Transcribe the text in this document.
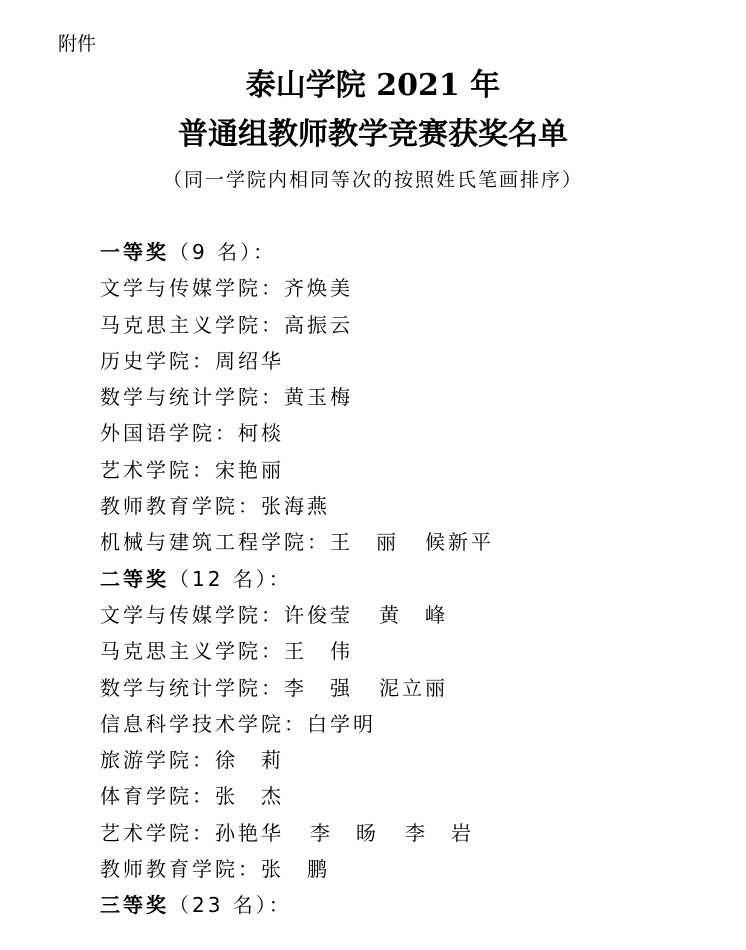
附件
泰山学院 2021 年
普通组教师教学竞赛获奖名单
（同一学院内相同等次的按照姓氏笔画排序）
一等奖（9 名）：
文学与传媒学院：齐焕美
马克思主义学院：高振云
历史学院：周绍华
数学与统计学院：黄玉梅
外国语学院：柯棪
艺术学院：宋艳丽
教师教育学院：张海燕
机械与建筑工程学院：王　丽 候新平
二等奖（12 名）：
文学与传媒学院：许俊莹 黄　峰
马克思主义学院：王　伟
数学与统计学院：李　强 泥立丽
信息科学技术学院：白学明
旅游学院：徐　莉
体育学院：张　杰
艺术学院：孙艳华 李　旸 李　岩
教师教育学院：张　鹏
三等奖（23 名）：
